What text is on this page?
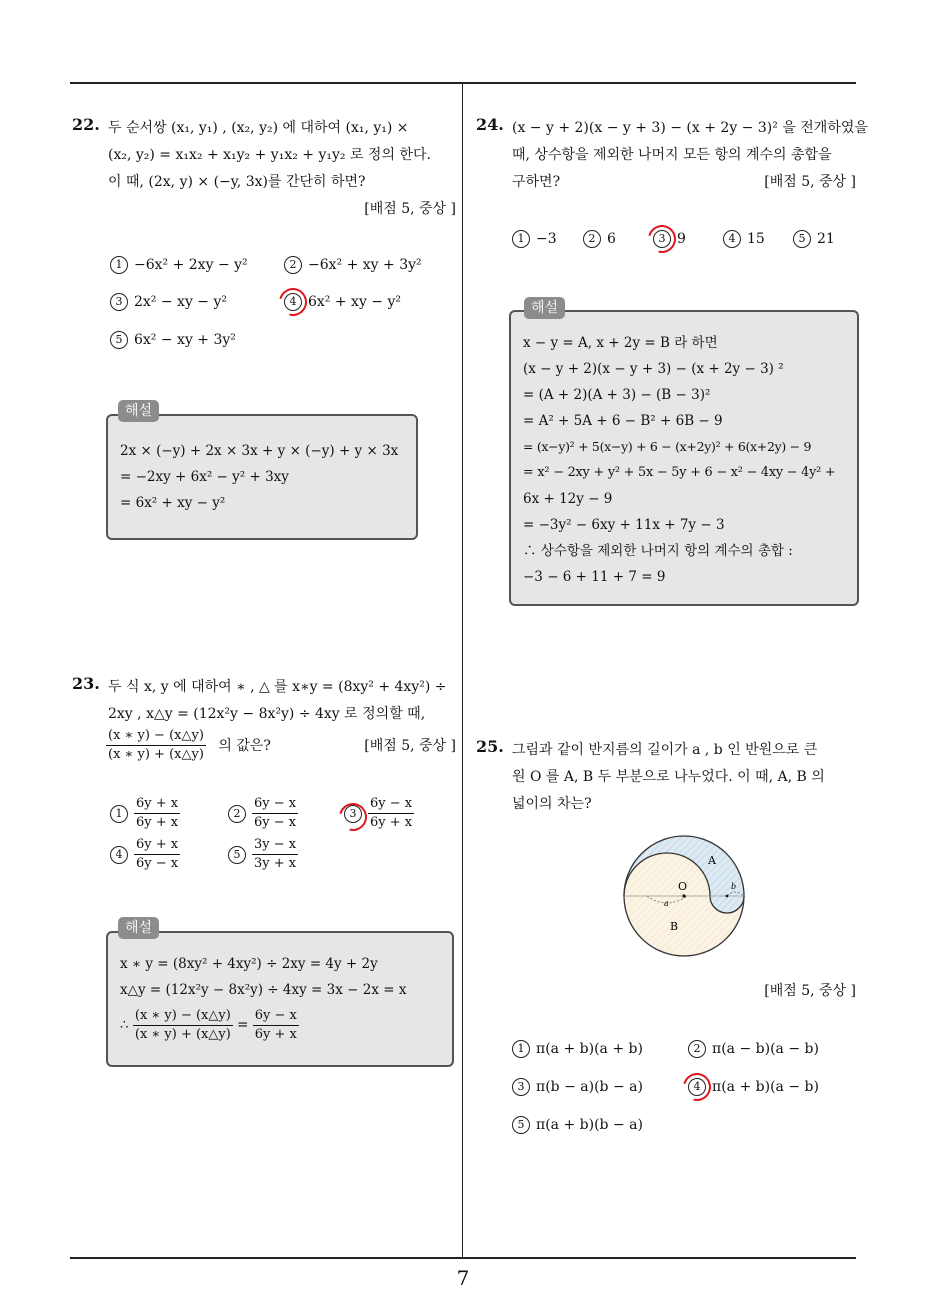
22. 두 순서쌍 (x₁, y₁) , (x₂, y₂) 에 대하여 (x₁, y₁) ×
(x₂, y₂) = x₁x₂ + x₁y₂ + y₁x₂ + y₁y₂ 로 정의 한다.
이 때, (2x, y) × (−y, 3x)를 간단히 하면?
[배점 5, 중상 ]
1 −6x² + 2xy − y²	2 −6x² + xy + 3y²
3 2x² − xy − y²	4 6x² + xy − y²
5 6x² − xy + 3y²
2x × (−y) + 2x × 3x + y × (−y) + y × 3x
= −2xy + 6x² − y² + 3xy
= 6x² + xy − y²
해설
23. 두 식 x, y 에 대하여 ∗ , △ 를 x∗y = (8xy² + 4xy²) ÷
2xy , x△y = (12x²y − 8x²y) ÷ 4xy 로 정의할 때,
$\frac{(x ∗ y) - (x\triangle y)}{(x ∗ y) + (x\triangle y)}$ 의 값은?	[배점 5, 중상 ]
$1 \frac{6y + x}{6y + x}$	$2 \frac{6y - x}{6y - x}$	$3 \frac{6y - x}{6y + x}$
$4 \frac{6y + x}{6y - x}$	$5 \frac{3y - x}{3y + x}$
x ∗ y = (8xy² + 4xy²) ÷ 2xy = 4y + 2y
x△y = (12x²y − 8x²y) ÷ 4xy = 3x − 2x = x
∴ $\frac{(x ∗ y) - (x\triangle y)}{(x ∗ y) + (x\triangle y)} = \frac{6y - x}{6y + x}$
해설
24. (x − y + 2)(x − y + 3) − (x + 2y − 3)² 을 전개하였을
때, 상수항을 제외한 나머지 모든 항의 계수의 총합을
구하면?	[배점 5, 중상 ]
1 −3	2 6	3 9	4 15	5 21
x − y = A, x + 2y = B 라 하면
(x − y + 2)(x − y + 3) − (x + 2y − 3) ²
= (A + 2)(A + 3) − (B − 3)²
= A² + 5A + 6 − B² + 6B − 9
= (x−y)² + 5(x−y) + 6 − (x+2y)² + 6(x+2y) − 9
= x² − 2xy + y² + 5x − 5y + 6 − x² − 4xy − 4y² +
6x + 12y − 9
= −3y² − 6xy + 11x + 7y − 3
∴ 상수항을 제외한 나머지 항의 계수의 총합 :
−3 − 6 + 11 + 7 = 9
해설
25. 그림과 같이 반지름의 길이가 a , b 인 반원으로 큰
원 O 를 A, B 두 부분으로 나누었다. 이 때, A, B 의
넓이의 차는?
A
B
O
a
b
[배점 5, 중상 ]
1 π(a + b)(a + b)	2 π(a − b)(a − b)
3 π(b − a)(b − a)	4 π(a + b)(a − b)
5 π(a + b)(b − a)
7
